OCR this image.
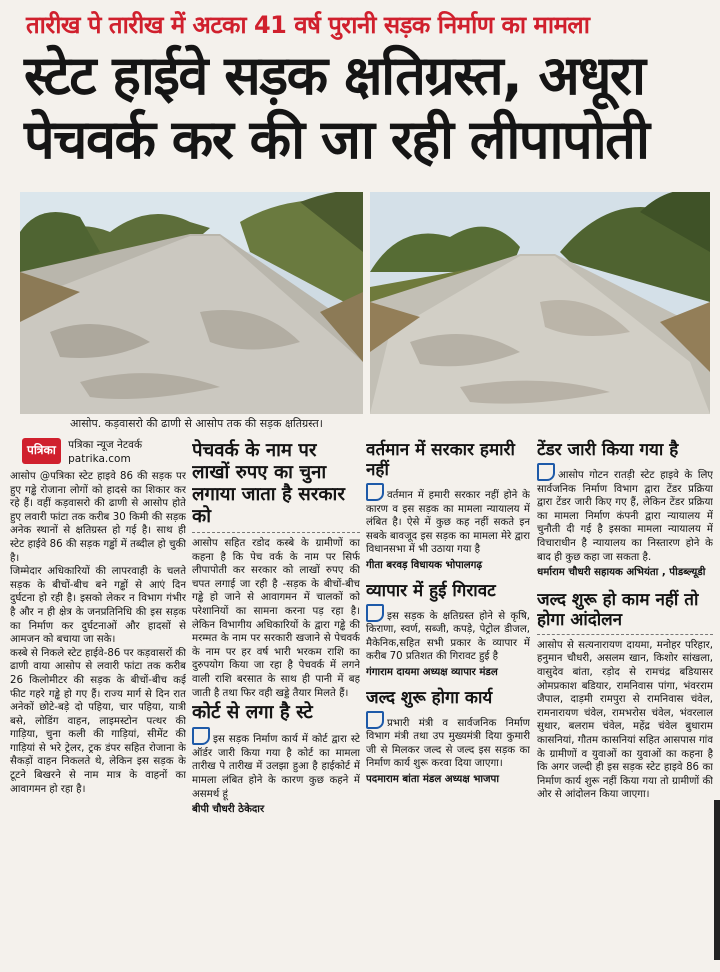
तारीख पे तारीख में अटका 41 वर्ष पुरानी सड़क निर्माण का मामला
स्टेट हाईवे सड़क क्षतिग्रस्त, अधूरा
पेचवर्क कर की जा रही लीपापोती
आसोप. कड़वासरो की ढाणी से आसोप तक की सड़क क्षतिग्रस्त।
पत्रिका पत्रिका न्यूज नेटवर्क
patrika.com

आसोप @पत्रिका स्टेट हाइवे 86 की सड़क पर हुए गड्ढे रोजाना लोगों को हादसे का शिकार कर रहे हैं। वहीं कड़वासरो की ढाणी से आसोप होते हुए लवारी फांटा तक करीब 30 किमी की सड़क अनेक स्थानों से क्षतिग्रस्त हो गई है। साथ ही स्टेट हाईवे 86 की सड़क गड्ढों में तब्दील हो चुकी है।

जिम्मेदार अधिकारियों की लापरवाही के चलते सड़क के बीचों-बीच बने गड्ढों से आएं दिन दुर्घटना हो रही है। इसको लेकर न विभाग गंभीर है और न ही क्षेत्र के जनप्रतिनिधि की इस सड़क का निर्माण कर दुर्घटनाओं और हादसों से आमजन को बचाया जा सके।

कस्बे से निकले स्टेट हाईवे-86 पर कड़वासरों की ढाणी वाया आसोप से लवारी फांटा तक करीब 26 किलोमीटर की सड़क के बीचों-बीच कई फीट गहरे गड्ढे हो गए हैं। राज्य मार्ग से दिन रात अनेकों छोटे-बड़े दो पहिया, चार पहिया, यात्री बसे, लोडिंग वाहन, लाइमस्टोन पत्थर की गाड़िया, चुना कली की गाड़ियां, सीमेंट की गाड़ियां से भरे ट्रेलर, ट्रक डंपर सहित रोजाना के सैकड़ों वाहन निकलते थे, लेकिन इस सड़क के टूटने बिखरने से नाम मात्र के वाहनों का आवागमन हो रहा है।

पेचवर्क के नाम पर लाखों रुपए का चुना लगाया जाता है सरकार को

आसोप सहित रडोद कस्बे के ग्रामीणों का कहना है कि पेच वर्क के नाम पर सिर्फ लीपापोती कर सरकार को लाखों रुपए की चपत लगाई जा रही है -सड़क के बीचों-बीच गड्ढे हो जाने से आवागमन में चालकों को परेशानियों का सामना करना पड़ रहा है। लेकिन विभागीय अधिकारियों के द्वारा गड्ढे की मरम्मत के नाम पर सरकारी खजाने से पेचवर्क के नाम पर हर वर्ष भारी भरकम राशि का दुरुपयोग किया जा रहा है पेचवर्क में लगने वाली राशि बरसात के साथ ही पानी में बह जाती है तथा फिर वही खड्डे तैयार मिलते हैं।

कोर्ट से लगा है स्टे

इस सड़क निर्माण कार्य में कोर्ट द्वारा स्टे ऑर्डर जारी किया गया है कोर्ट का मामला तारीख पे तारीख में उलझा हुआ है हाईकोर्ट में मामला लंबित होने के कारण कुछ कहने में असमर्थ हूं

बीपी चौधरी ठेकेदार
वर्तमान में सरकार हमारी नहीं

वर्तमान में हमारी सरकार नहीं होने के कारण व इस सड़क का मामला न्यायालय में लंबित है। ऐसे में कुछ कह नहीं सकते इन सबके बावजूद इस सड़क का मामला मेरे द्वारा विधानसभा में भी उठाया गया है

गीता बरवड़ विधायक भोपालगढ़
व्यापार में हुई गिरावट

इस सड़क के क्षतिग्रस्त होने से कृषि, किराणा, स्वर्ण, सब्जी, कपड़े, पेट्रोल डीजल, मैकेनिक,सहित सभी प्रकार के व्यापार में करीब 70 प्रतिशत की गिरावट हुई है

गंगाराम दायमा अध्यक्ष व्यापार मंडल
जल्द शुरू होगा कार्य

प्रभारी मंत्री व सार्वजनिक निर्माण विभाग मंत्री तथा उप मुख्यमंत्री दिया कुमारी जी से मिलकर जल्द से जल्द इस सड़क का निर्माण कार्य शुरू करवा दिया जाएगा।

पदमाराम बांता मंडल अध्यक्ष भाजपा
टेंडर जारी किया गया है

आसोप गोटन रातड़ी स्टेट हाइवे के लिए सार्वजनिक निर्माण विभाग द्वारा टेंडर प्रक्रिया द्वारा टेंडर जारी किए गए हैं, लेकिन टेंडर प्रक्रिया का मामला निर्माण कंपनी द्वारा न्यायालय में चुनौती दी गई है इसका मामला न्यायालय में विचाराधीन है न्यायालय का निस्तारण होने के बाद ही कुछ कहा जा सकता है.

धर्माराम चौधरी सहायक अभियंता , पीडब्ल्यूडी
जल्द शुरू हो काम नहीं तो होगा आंदोलन

आसोप से सत्यनारायण दायमा, मनोहर परिहार, हनुमान चौधरी, असलम खान, किशोर सांखला, वासुदेव बांता, रड़ोद से रामचंद्र बडियासर ओमप्रकाश बडियार, रामनिवास पांगा, भंवरराम जैपाल, दाड़मी रामपुरा से रामनिवास चंवेल, रामनारायण चंवेल, रामभरोस चंवेल, भंवरलाल सुथार, बलराम चंवेल, महेंद्र चंवेल बुधाराम कासनियां, गौतम कासनियां सहित आसपास गांव के ग्रामीणों व युवाओं का युवाओं का कहना है कि अगर जल्दी ही इस सड़क स्टेट हाइवे 86 का निर्माण कार्य शुरू नहीं किया गया तो ग्रामीणों की ओर से आंदोलन किया जाएगा।
